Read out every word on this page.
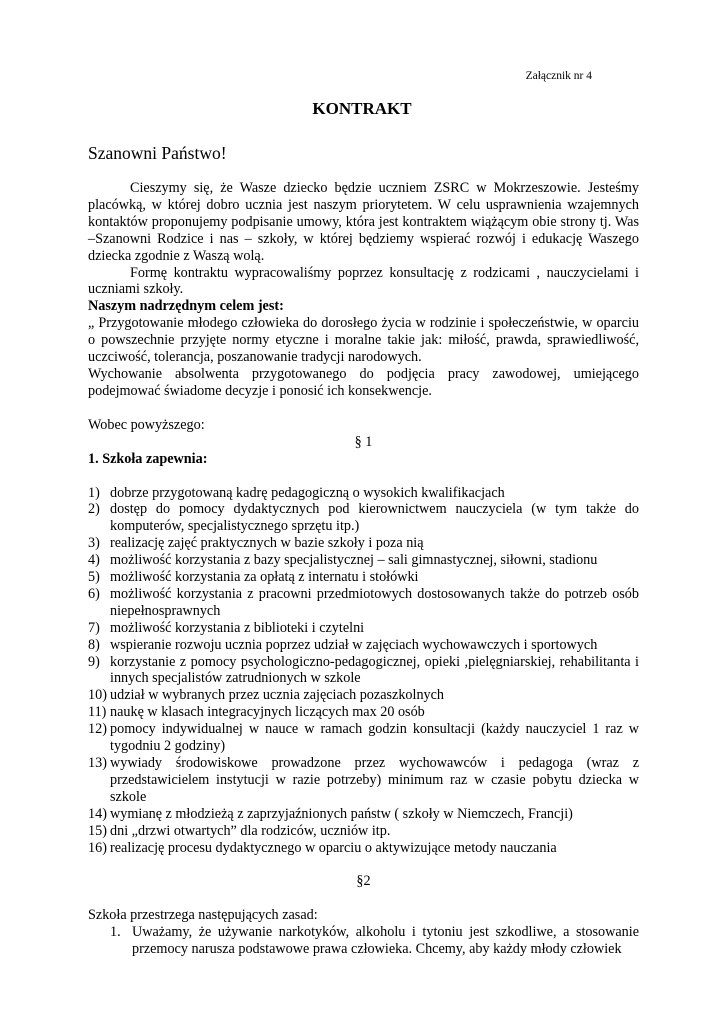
Załącznik nr 4
KONTRAKT
Szanowni Państwo!

Cieszymy się, że Wasze dziecko będzie uczniem ZSRC w Mokrzeszowie. Jesteśmy placówką, w której dobro ucznia jest naszym priorytetem. W celu usprawnienia wzajemnych kontaktów proponujemy podpisanie umowy, która jest kontraktem wiążącym obie strony tj. Was –Szanowni Rodzice i nas – szkoły, w której będziemy wspierać rozwój i edukację Waszego dziecka zgodnie z Waszą wolą.

Formę kontraktu wypracowaliśmy poprzez konsultację z rodzicami , nauczycielami i uczniami szkoły.

Naszym nadrzędnym celem jest:

„ Przygotowanie młodego człowieka do dorosłego życia w rodzinie i społeczeństwie, w oparciu o powszechnie przyjęte normy etyczne i moralne takie jak: miłość, prawda, sprawiedliwość, uczciwość, tolerancja, poszanowanie tradycji narodowych.

Wychowanie absolwenta przygotowanego do podjęcia pracy zawodowej, umiejącego podejmować świadome decyzje i ponosić ich konsekwencje.

Wobec powyższego:

§ 1

1. Szkoła zapewnia:

1) dobrze przygotowaną kadrę pedagogiczną o wysokich kwalifikacjach
2) dostęp do pomocy dydaktycznych pod kierownictwem nauczyciela (w tym także do komputerów, specjalistycznego sprzętu itp.)
3) realizację zajęć praktycznych w bazie szkoły i poza nią
4) możliwość korzystania z bazy specjalistycznej – sali gimnastycznej, siłowni, stadionu
5) możliwość korzystania za opłatą z internatu i stołówki
6) możliwość korzystania z pracowni przedmiotowych dostosowanych także do potrzeb osób niepełnosprawnych
7) możliwość korzystania z biblioteki i czytelni
8) wspieranie rozwoju ucznia poprzez udział w zajęciach wychowawczych i sportowych
9) korzystanie z pomocy psychologiczno-pedagogicznej, opieki ,pielęgniarskiej, rehabilitanta i innych specjalistów zatrudnionych w szkole
10) udział w wybranych przez ucznia zajęciach pozaszkolnych
11) naukę w klasach integracyjnych liczących max 20 osób
12) pomocy indywidualnej w nauce w ramach godzin konsultacji (każdy nauczyciel 1 raz w tygodniu 2 godziny)
13) wywiady środowiskowe prowadzone przez wychowawców i pedagoga (wraz z przedstawicielem instytucji w razie potrzeby) minimum raz w czasie pobytu dziecka w szkole
14) wymianę z młodzieżą z zaprzyjaźnionych państw ( szkoły w Niemczech, Francji)
15) dni „drzwi otwartych” dla rodziców, uczniów itp.
16) realizację procesu dydaktycznego w oparciu o aktywizujące metody nauczania

§2

Szkoła przestrzega następujących zasad:

1. Uważamy, że używanie narkotyków, alkoholu i tytoniu jest szkodliwe, a stosowanie przemocy narusza podstawowe prawa człowieka. Chcemy, aby każdy młody człowiek
